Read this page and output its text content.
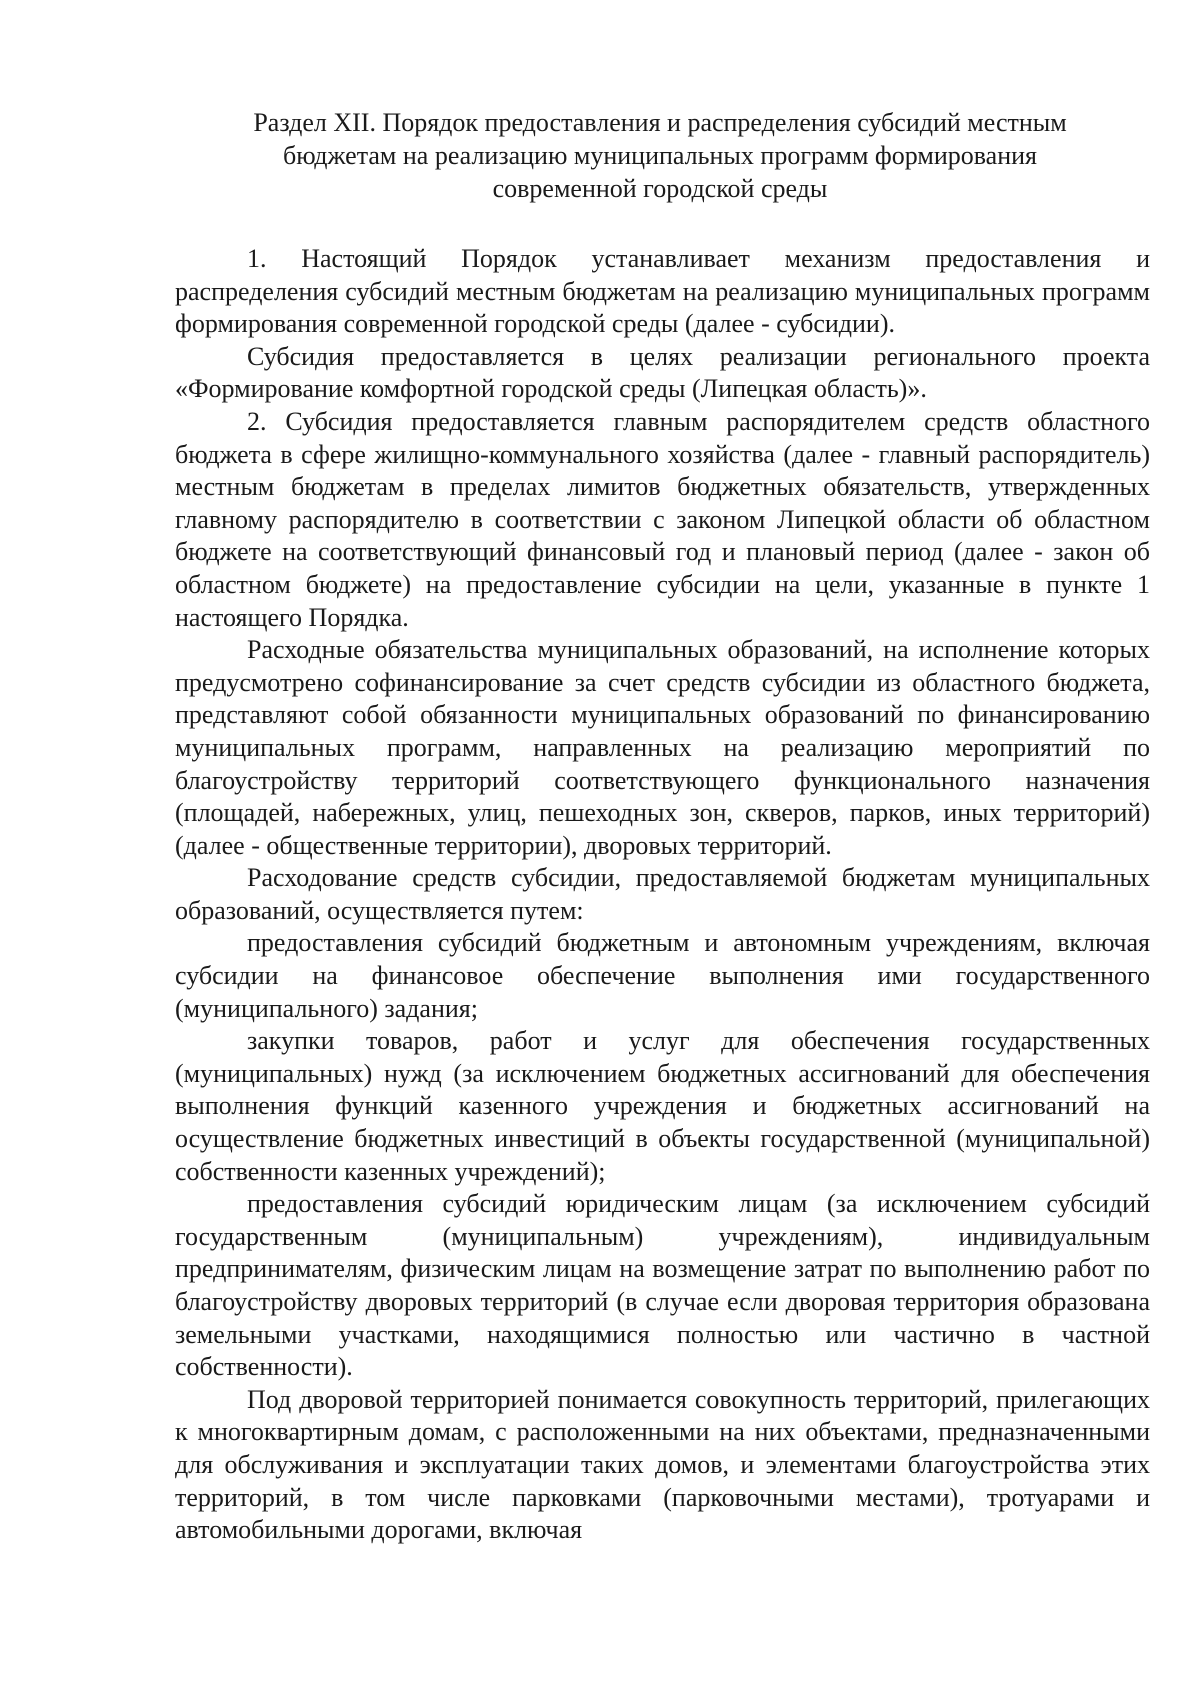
Раздел XII. Порядок предоставления и распределения субсидий местным
бюджетам на реализацию муниципальных программ формирования
современной городской среды

1. Настоящий Порядок устанавливает механизм предоставления и распределения субсидий местным бюджетам на реализацию муниципальных программ формирования современной городской среды (далее - субсидии).

Субсидия предоставляется в целях реализации регионального проекта «Формирование комфортной городской среды (Липецкая область)».

2. Субсидия предоставляется главным распорядителем средств областного бюджета в сфере жилищно-коммунального хозяйства (далее - главный распорядитель) местным бюджетам в пределах лимитов бюджетных обязательств, утвержденных главному распорядителю в соответствии с законом Липецкой области об областном бюджете на соответствующий финансовый год и плановый период (далее - закон об областном бюджете) на предоставление субсидии на цели, указанные в пункте 1 настоящего Порядка.

Расходные обязательства муниципальных образований, на исполнение которых предусмотрено софинансирование за счет средств субсидии из областного бюджета, представляют собой обязанности муниципальных образований по финансированию муниципальных программ, направленных на реализацию мероприятий по благоустройству территорий соответствующего функционального назначения (площадей, набережных, улиц, пешеходных зон, скверов, парков, иных территорий) (далее - общественные территории), дворовых территорий.

Расходование средств субсидии, предоставляемой бюджетам муниципальных образований, осуществляется путем:

предоставления субсидий бюджетным и автономным учреждениям, включая субсидии на финансовое обеспечение выполнения ими государственного (муниципального) задания;

закупки товаров, работ и услуг для обеспечения государственных (муниципальных) нужд (за исключением бюджетных ассигнований для обеспечения выполнения функций казенного учреждения и бюджетных ассигнований на осуществление бюджетных инвестиций в объекты государственной (муниципальной) собственности казенных учреждений);

предоставления субсидий юридическим лицам (за исключением субсидий государственным (муниципальным) учреждениям), индивидуальным предпринимателям, физическим лицам на возмещение затрат по выполнению работ по благоустройству дворовых территорий (в случае если дворовая территория образована земельными участками, находящимися полностью или частично в частной собственности).

Под дворовой территорией понимается совокупность территорий, прилегающих к многоквартирным домам, с расположенными на них объектами, предназначенными для обслуживания и эксплуатации таких домов, и элементами благоустройства этих территорий, в том числе парковками (парковочными местами), тротуарами и автомобильными дорогами, включая
